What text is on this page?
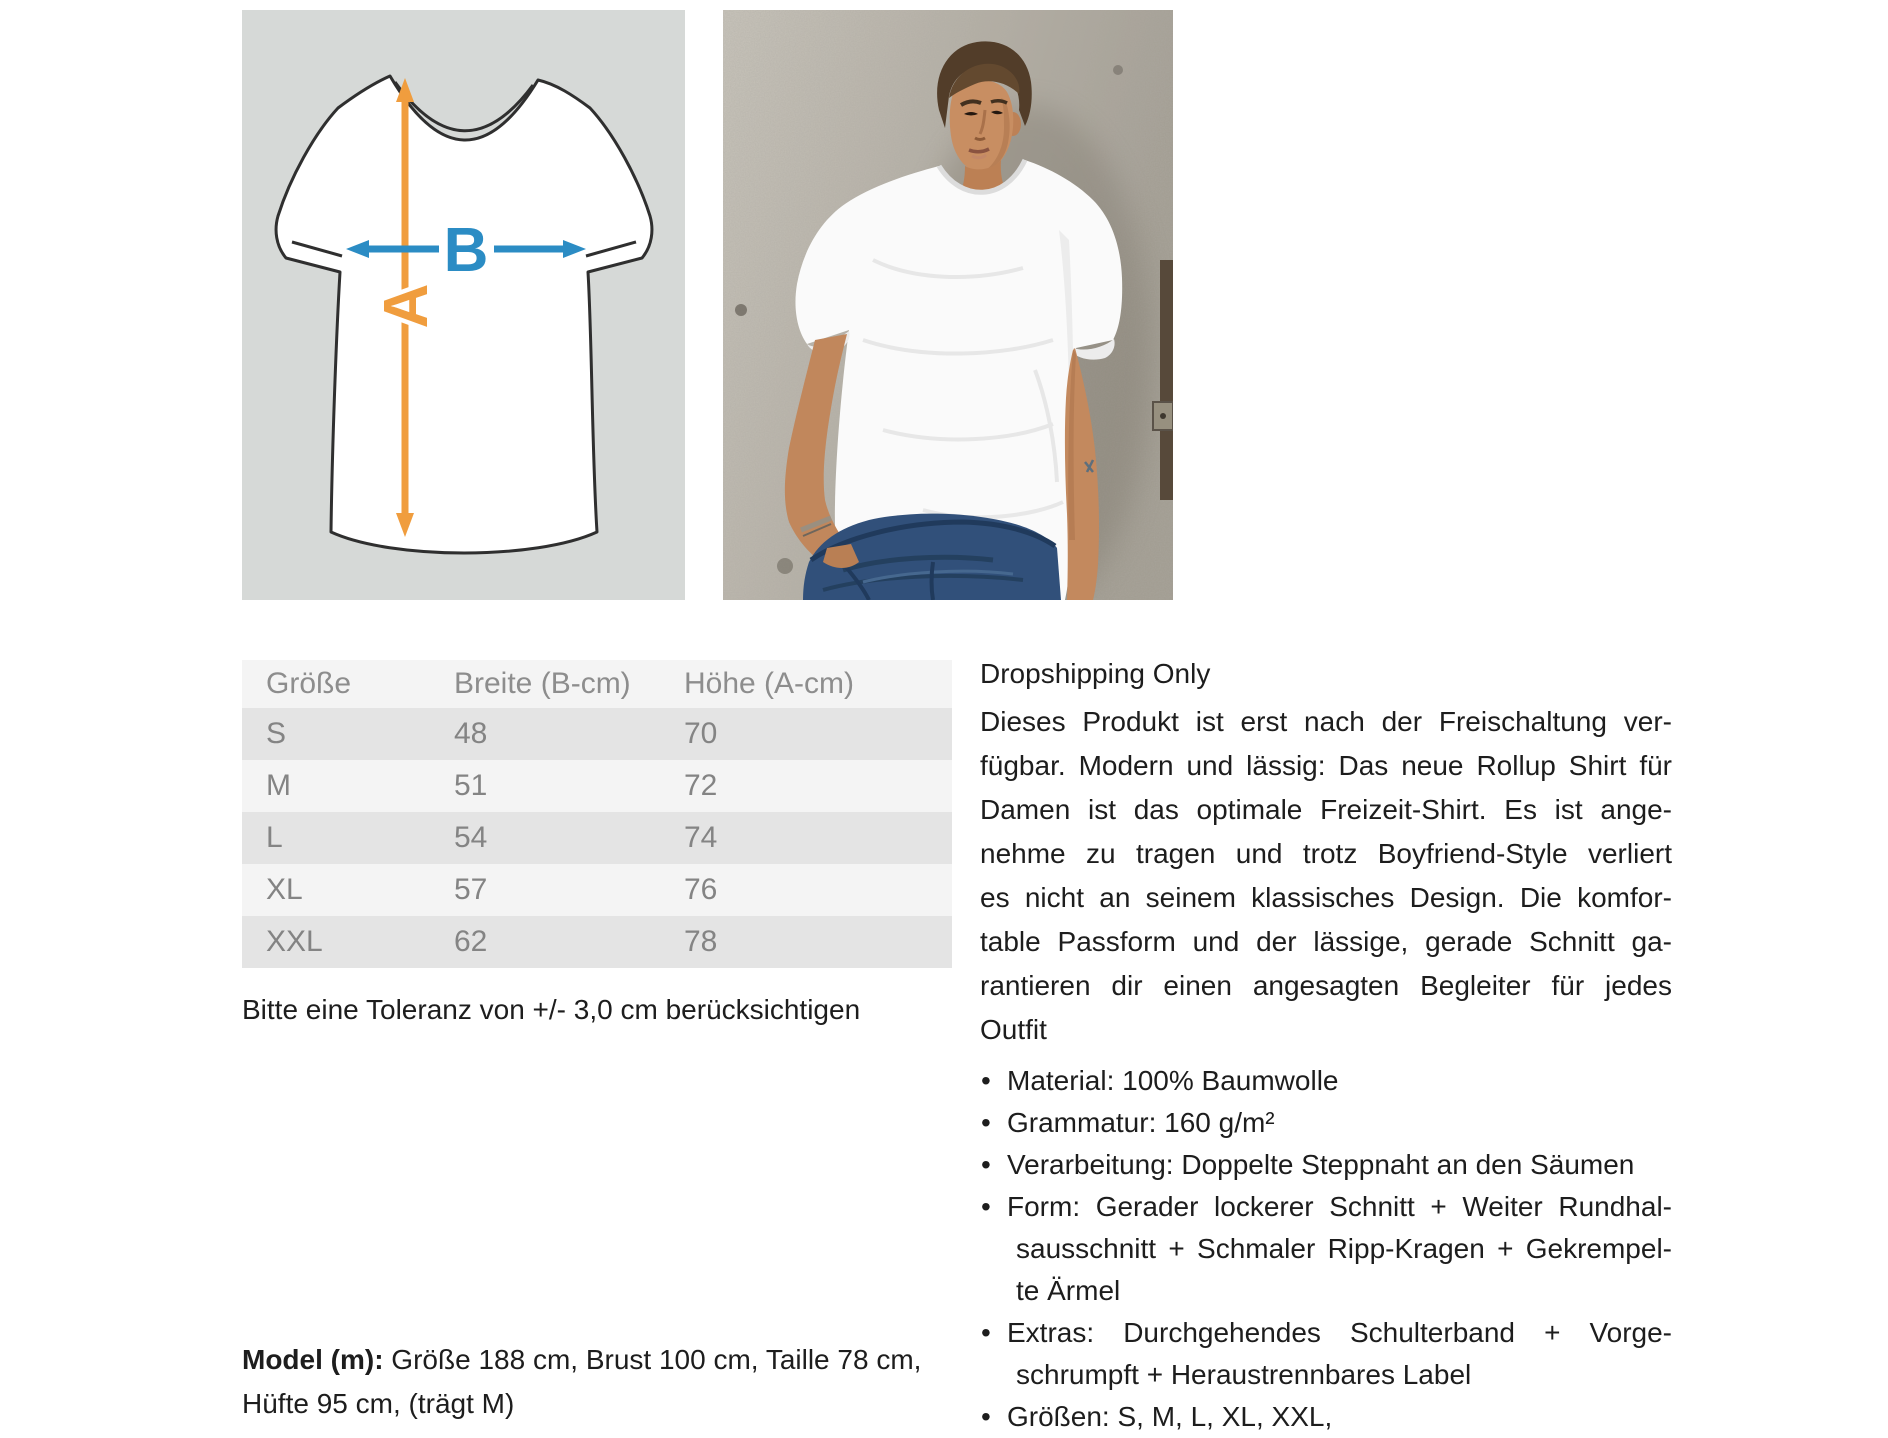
A
B
Größe	Breite (B-cm)	Höhe (A-cm)
S	48	70
M	51	72
L	54	74
XL	57	76
XXL	62	78
Bitte eine Toleranz von +/- 3,0 cm berücksichtigen
Model (m): Größe 188 cm, Brust 100 cm, Taille 78 cm,
Hüfte 95 cm, (trägt M)
Dropshipping Only
Dieses Produkt ist erst nach der Freischaltung ver-
fügbar. Modern und lässig: Das neue Rollup Shirt für
Damen ist das optimale Freizeit-Shirt. Es ist ange-
nehme zu tragen und trotz Boyfriend-Style verliert
es nicht an seinem klassisches Design. Die komfor-
table Passform und der lässige, gerade Schnitt ga-
rantieren dir einen angesagten Begleiter für jedes
Outfit
• Material: 100% Baumwolle
• Grammatur: 160 g/m²
• Verarbeitung: Doppelte Steppnaht an den Säumen
• Form: Gerader lockerer Schnitt + Weiter Rundhal-
sausschnitt + Schmaler Ripp-Kragen + Gekrempel-
te Ärmel
• Extras: Durchgehendes Schulterband + Vorge-
schrumpft + Heraustrennbares Label
• Größen: S, M, L, XL, XXL,
